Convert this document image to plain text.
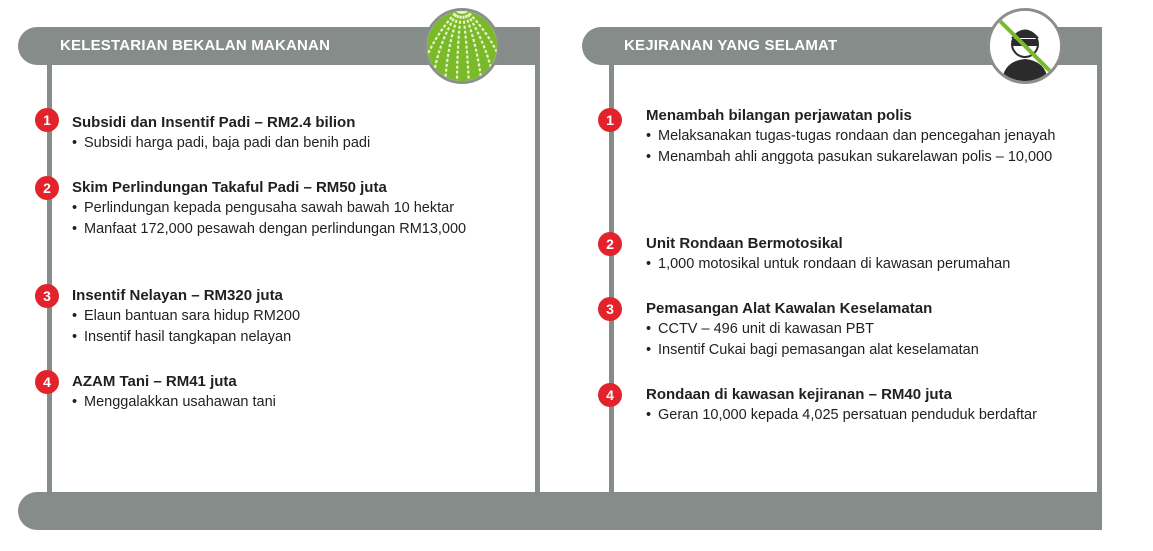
KELESTARIAN BEKALAN MAKANAN	KEJIRANAN YANG SELAMAT
1	Subsidi dan Insentif Padi – RM2.4 bilion

• Subsidi harga padi, baja padi dan benih padi

2	Skim Perlindungan Takaful Padi – RM50 juta

• Perlindungan kepada pengusaha sawah bawah 10 hektar

• Manfaat 172,000 pesawah dengan perlindungan RM13,000

3	Insentif Nelayan – RM320 juta

• Elaun bantuan sara hidup RM200

• Insentif hasil tangkapan nelayan

4	AZAM Tani – RM41 juta

• Menggalakkan usahawan tani

1	Menambah bilangan perjawatan polis

• Melaksanakan tugas-tugas rondaan dan pencegahan jenayah

• Menambah ahli anggota pasukan sukarelawan polis – 10,000

2	Unit Rondaan Bermotosikal

• 1,000 motosikal untuk rondaan di kawasan perumahan

3	Pemasangan Alat Kawalan Keselamatan

• CCTV – 496 unit di kawasan PBT

• Insentif Cukai bagi pemasangan alat keselamatan

4	Rondaan di kawasan kejiranan – RM40 juta

• Geran 10,000 kepada 4,025 persatuan penduduk berdaftar
